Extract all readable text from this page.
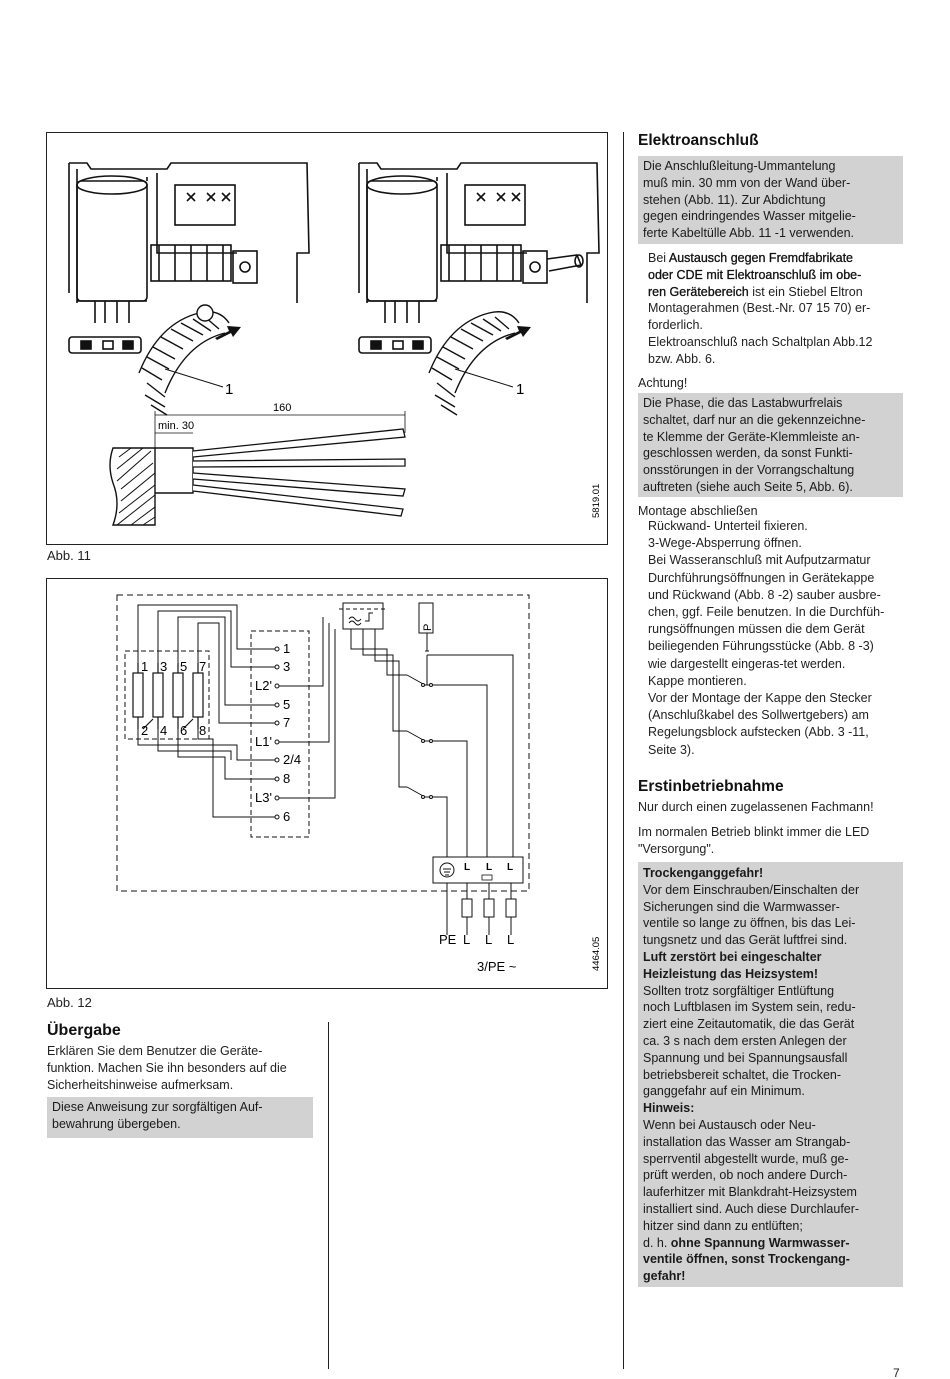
1	1
160
min. 30
5819.01
Abb. 11
1 3 5 7
2 4 6 8
1
3
L2'
5
7
L1'
2/4
8
L3'
6
P
L L L
PE L L L
3/PE ~	4464.05
Abb. 12
Übergabe
Erklären Sie dem Benutzer die Geräte-
funktion. Machen Sie ihn besonders auf die
Sicherheitshinweise aufmerksam.

Diese Anweisung zur sorgfältigen Auf-
bewahrung übergeben.

Elektroanschluß

Die Anschlußleitung-Ummantelung
muß min. 30 mm von der Wand über-
stehen (Abb. 11). Zur Abdichtung
gegen eindringendes Wasser mitgelie-
ferte Kabeltülle Abb. 11 -1 verwenden.

Bei Austausch gegen Fremdfabrikate
oder CDE mit Elektroanschluß im obe-
ren Gerätebereich ist ein Stiebel Eltron
Montagerahmen (Best.-Nr. 07 15 70) er-
forderlich.
Elektroanschluß nach Schaltplan Abb.12
bzw. Abb. 6.
Achtung!

Die Phase, die das Lastabwurfrelais
schaltet, darf nur an die gekennzeichne-
te Klemme der Geräte-Klemmleiste an-
geschlossen werden, da sonst Funkti-
onsstörungen in der Vorrangschaltung
auftreten (siehe auch Seite 5, Abb. 6).

Montage abschließen
Rückwand- Unterteil fixieren.
3-Wege-Absperrung öffnen.
Bei Wasseranschluß mit Aufputzarmatur
Durchführungsöffnungen in Gerätekappe
und Rückwand (Abb. 8 -2) sauber ausbre-
chen, ggf. Feile benutzen. In die Durchfüh-
rungsöffnungen müssen die dem Gerät
beiliegenden Führungsstücke (Abb. 8 -3)
wie dargestellt eingeras-tet werden.
Kappe montieren.
Vor der Montage der Kappe den Stecker
(Anschlußkabel des Sollwertgebers) am
Regelungsblock aufstecken (Abb. 3 -11,
Seite 3).
Erstinbetriebnahme
Nur durch einen zugelassenen Fachmann!
Im normalen Betrieb blinkt immer die LED
"Versorgung".

Trockenganggefahr!

Vor dem Einschrauben/Einschalten der
Sicherungen sind die Warmwasser-
ventile so lange zu öffnen, bis das Lei-
tungsnetz und das Gerät luftfrei sind.

Luft zerstört bei eingeschalter
Heizleistung das Heizsystem!

Sollten trotz sorgfältiger Entlüftung
noch Luftblasen im System sein, redu-
ziert eine Zeitautomatik, die das Gerät
ca. 3 s nach dem ersten Anlegen der
Spannung und bei Spannungsausfall
betriebsbereit schaltet, die Trocken-
ganggefahr auf ein Minimum.

Hinweis:

Wenn bei Austausch oder Neu-
installation das Wasser am Strangab-
sperrventil abgestellt wurde, muß ge-
prüft werden, ob noch andere Durch-
lauferhitzer mit Blankdraht-Heizsystem
installiert sind. Auch diese Durchlaufer-
hitzer sind dann zu entlüften;

d. h. ohne Spannung Warmwasser-
ventile öffnen, sonst Trockengang-
gefahr!

7
